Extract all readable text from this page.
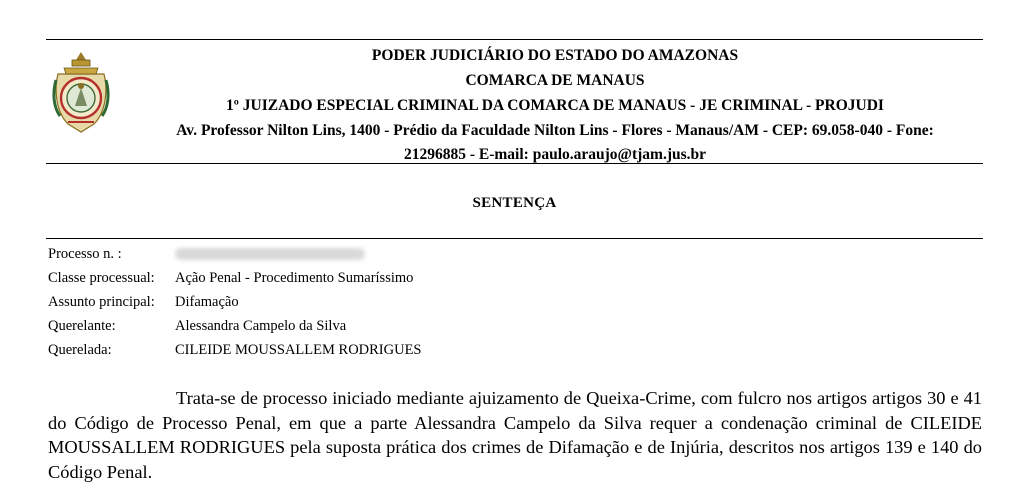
PODER JUDICIÁRIO DO ESTADO DO AMAZONAS
COMARCA DE MANAUS
1º JUIZADO ESPECIAL CRIMINAL DA COMARCA DE MANAUS - JE CRIMINAL - PROJUDI
Av. Professor Nilton Lins, 1400 - Prédio da Faculdade Nilton Lins - Flores - Manaus/AM - CEP: 69.058-040 - Fone:
21296885 - E-mail: paulo.araujo@tjam.jus.br
SENTENÇA
Processo n. :
Classe processual:	Ação Penal - Procedimento Sumaríssimo
Assunto principal:	Difamação
Querelante:	Alessandra Campelo da Silva
Querelada:	CILEIDE MOUSSALLEM RODRIGUES
Trata-se de processo iniciado mediante ajuizamento de Queixa-Crime, com fulcro nos artigos artigos 30 e 41 do Código de Processo Penal, em que a parte Alessandra Campelo da Silva requer a condenação criminal de CILEIDE MOUSSALLEM RODRIGUES pela suposta prática dos crimes de Difamação e de Injúria, descritos nos artigos 139 e 140 do Código Penal.
